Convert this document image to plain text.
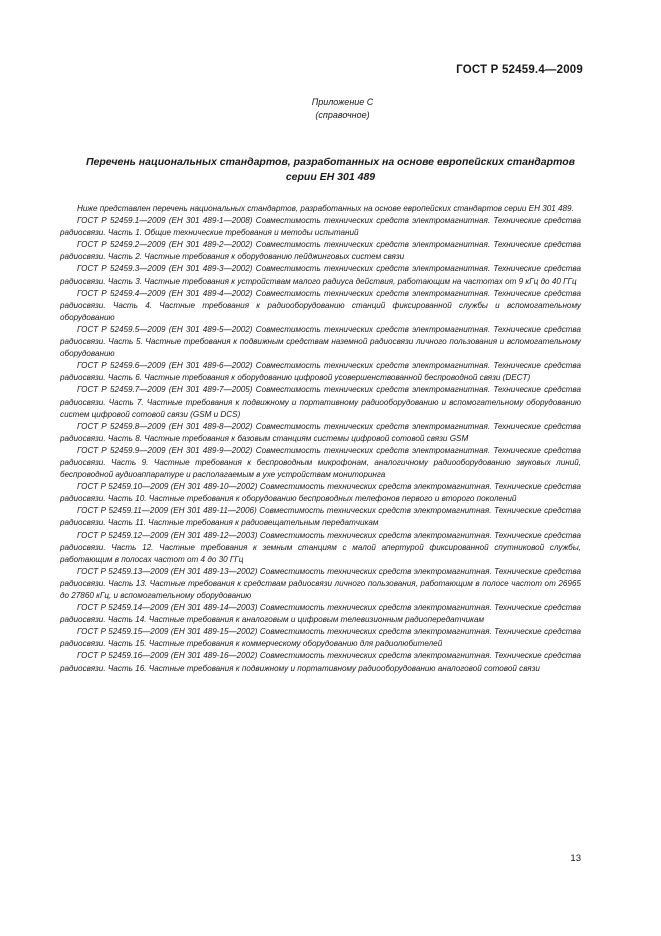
ГОСТ Р 52459.4—2009
Приложение С
(справочное)
Перечень национальных стандартов, разработанных на основе европейских стандартов
серии ЕН 301 489

Ниже представлен перечень национальных стандартов, разработанных на основе европейских стандартов серии ЕН 301 489.

ГОСТ Р 52459.1—2009 (ЕН 301 489-1—2008) Совместимость технических средств электромагнитная. Технические средства радиосвязи. Часть 1. Общие технические требования и методы испытаний

ГОСТ Р 52459.2—2009 (ЕН 301 489-2—2002) Совместимость технических средств электромагнитная. Технические средства радиосвязи. Часть 2. Частные требования к оборудованию пейджинговых систем связи

ГОСТ Р 52459.3—2009 (ЕН 301 489-3—2002) Совместимость технических средств электромагнитная. Технические средства радиосвязи. Часть 3. Частные требования к устройствам малого радиуса действия, работающим на частотах от 9 кГц до 40 ГГц

ГОСТ Р 52459.4—2009 (ЕН 301 489-4—2002) Совместимость технических средств электромагнитная. Технические средства радиосвязи. Часть 4. Частные требования к радиооборудованию станций фиксированной службы и вспомогательному оборудованию

ГОСТ Р 52459.5—2009 (ЕН 301 489-5—2002) Совместимость технических средств электромагнитная. Технические средства радиосвязи. Часть 5. Частные требования к подвижным средствам наземной радиосвязи личного пользования и вспомогательному оборудованию

ГОСТ Р 52459.6—2009 (ЕН 301 489-6—2002) Совместимость технических средств электромагнитная. Технические средства радиосвязи. Часть 6. Частные требования к оборудованию цифровой усовершенствованной беспроводной связи (DECT)

ГОСТ Р 52459.7—2009 (ЕН 301 489-7—2005) Совместимость технических средств электромагнитная. Технические средства радиосвязи. Часть 7. Частные требования к подвижному и портативному радиооборудованию и вспомогательному оборудованию систем цифровой сотовой связи (GSM и DCS)

ГОСТ Р 52459.8—2009 (ЕН 301 489-8—2002) Совместимость технических средств электромагнитная. Технические средства радиосвязи. Часть 8. Частные требования к базовым станциям системы цифровой сотовой связи GSM

ГОСТ Р 52459.9—2009 (ЕН 301 489-9—2002) Совместимость технических средств электромагнитная. Технические средства радиосвязи. Часть 9. Частные требования к беспроводным микрофонам, аналогичному радиооборудованию звуковых линий, беспроводной аудиоаппаратуре и располагаемым в ухе устройствам мониторинга

ГОСТ Р 52459.10—2009 (ЕН 301 489-10—2002) Совместимость технических средств электромагнитная. Технические средства радиосвязи. Часть 10. Частные требования к оборудованию беспроводных телефонов первого и второго поколений

ГОСТ Р 52459.11—2009 (ЕН 301 489-11—2006) Совместимость технических средств электромагнитная. Технические средства радиосвязи. Часть 11. Частные требования к радиовещательным передатчикам

ГОСТ Р 52459.12—2009 (ЕН 301 489-12—2003) Совместимость технических средств электромагнитная. Технические средства радиосвязи. Часть 12. Частные требования к земным станциям с малой апертурой фиксированной спутниковой службы, работающим в полосах частот от 4 до 30 ГГц

ГОСТ Р 52459.13—2009 (ЕН 301 489-13—2002) Совместимость технических средств электромагнитная. Технические средства радиосвязи. Часть 13. Частные требования к средствам радиосвязи личного пользования, работающим в полосе частот от 26965 до 27860 кГц, и вспомогательному оборудованию

ГОСТ Р 52459.14—2009 (ЕН 301 489-14—2003) Совместимость технических средств электромагнитная. Технические средства радиосвязи. Часть 14. Частные требования к аналоговым и цифровым телевизионным радиопередатчикам

ГОСТ Р 52459.15—2009 (ЕН 301 489-15—2002) Совместимость технических средств электромагнитная. Технические средства радиосвязи. Часть 15. Частные требования к коммерческому оборудованию для радиолюбителей

ГОСТ Р 52459.16—2009 (ЕН 301 489-16—2002) Совместимость технических средств электромагнитная. Технические средства радиосвязи. Часть 16. Частные требования к подвижному и портативному радиооборудованию аналоговой сотовой связи

13
